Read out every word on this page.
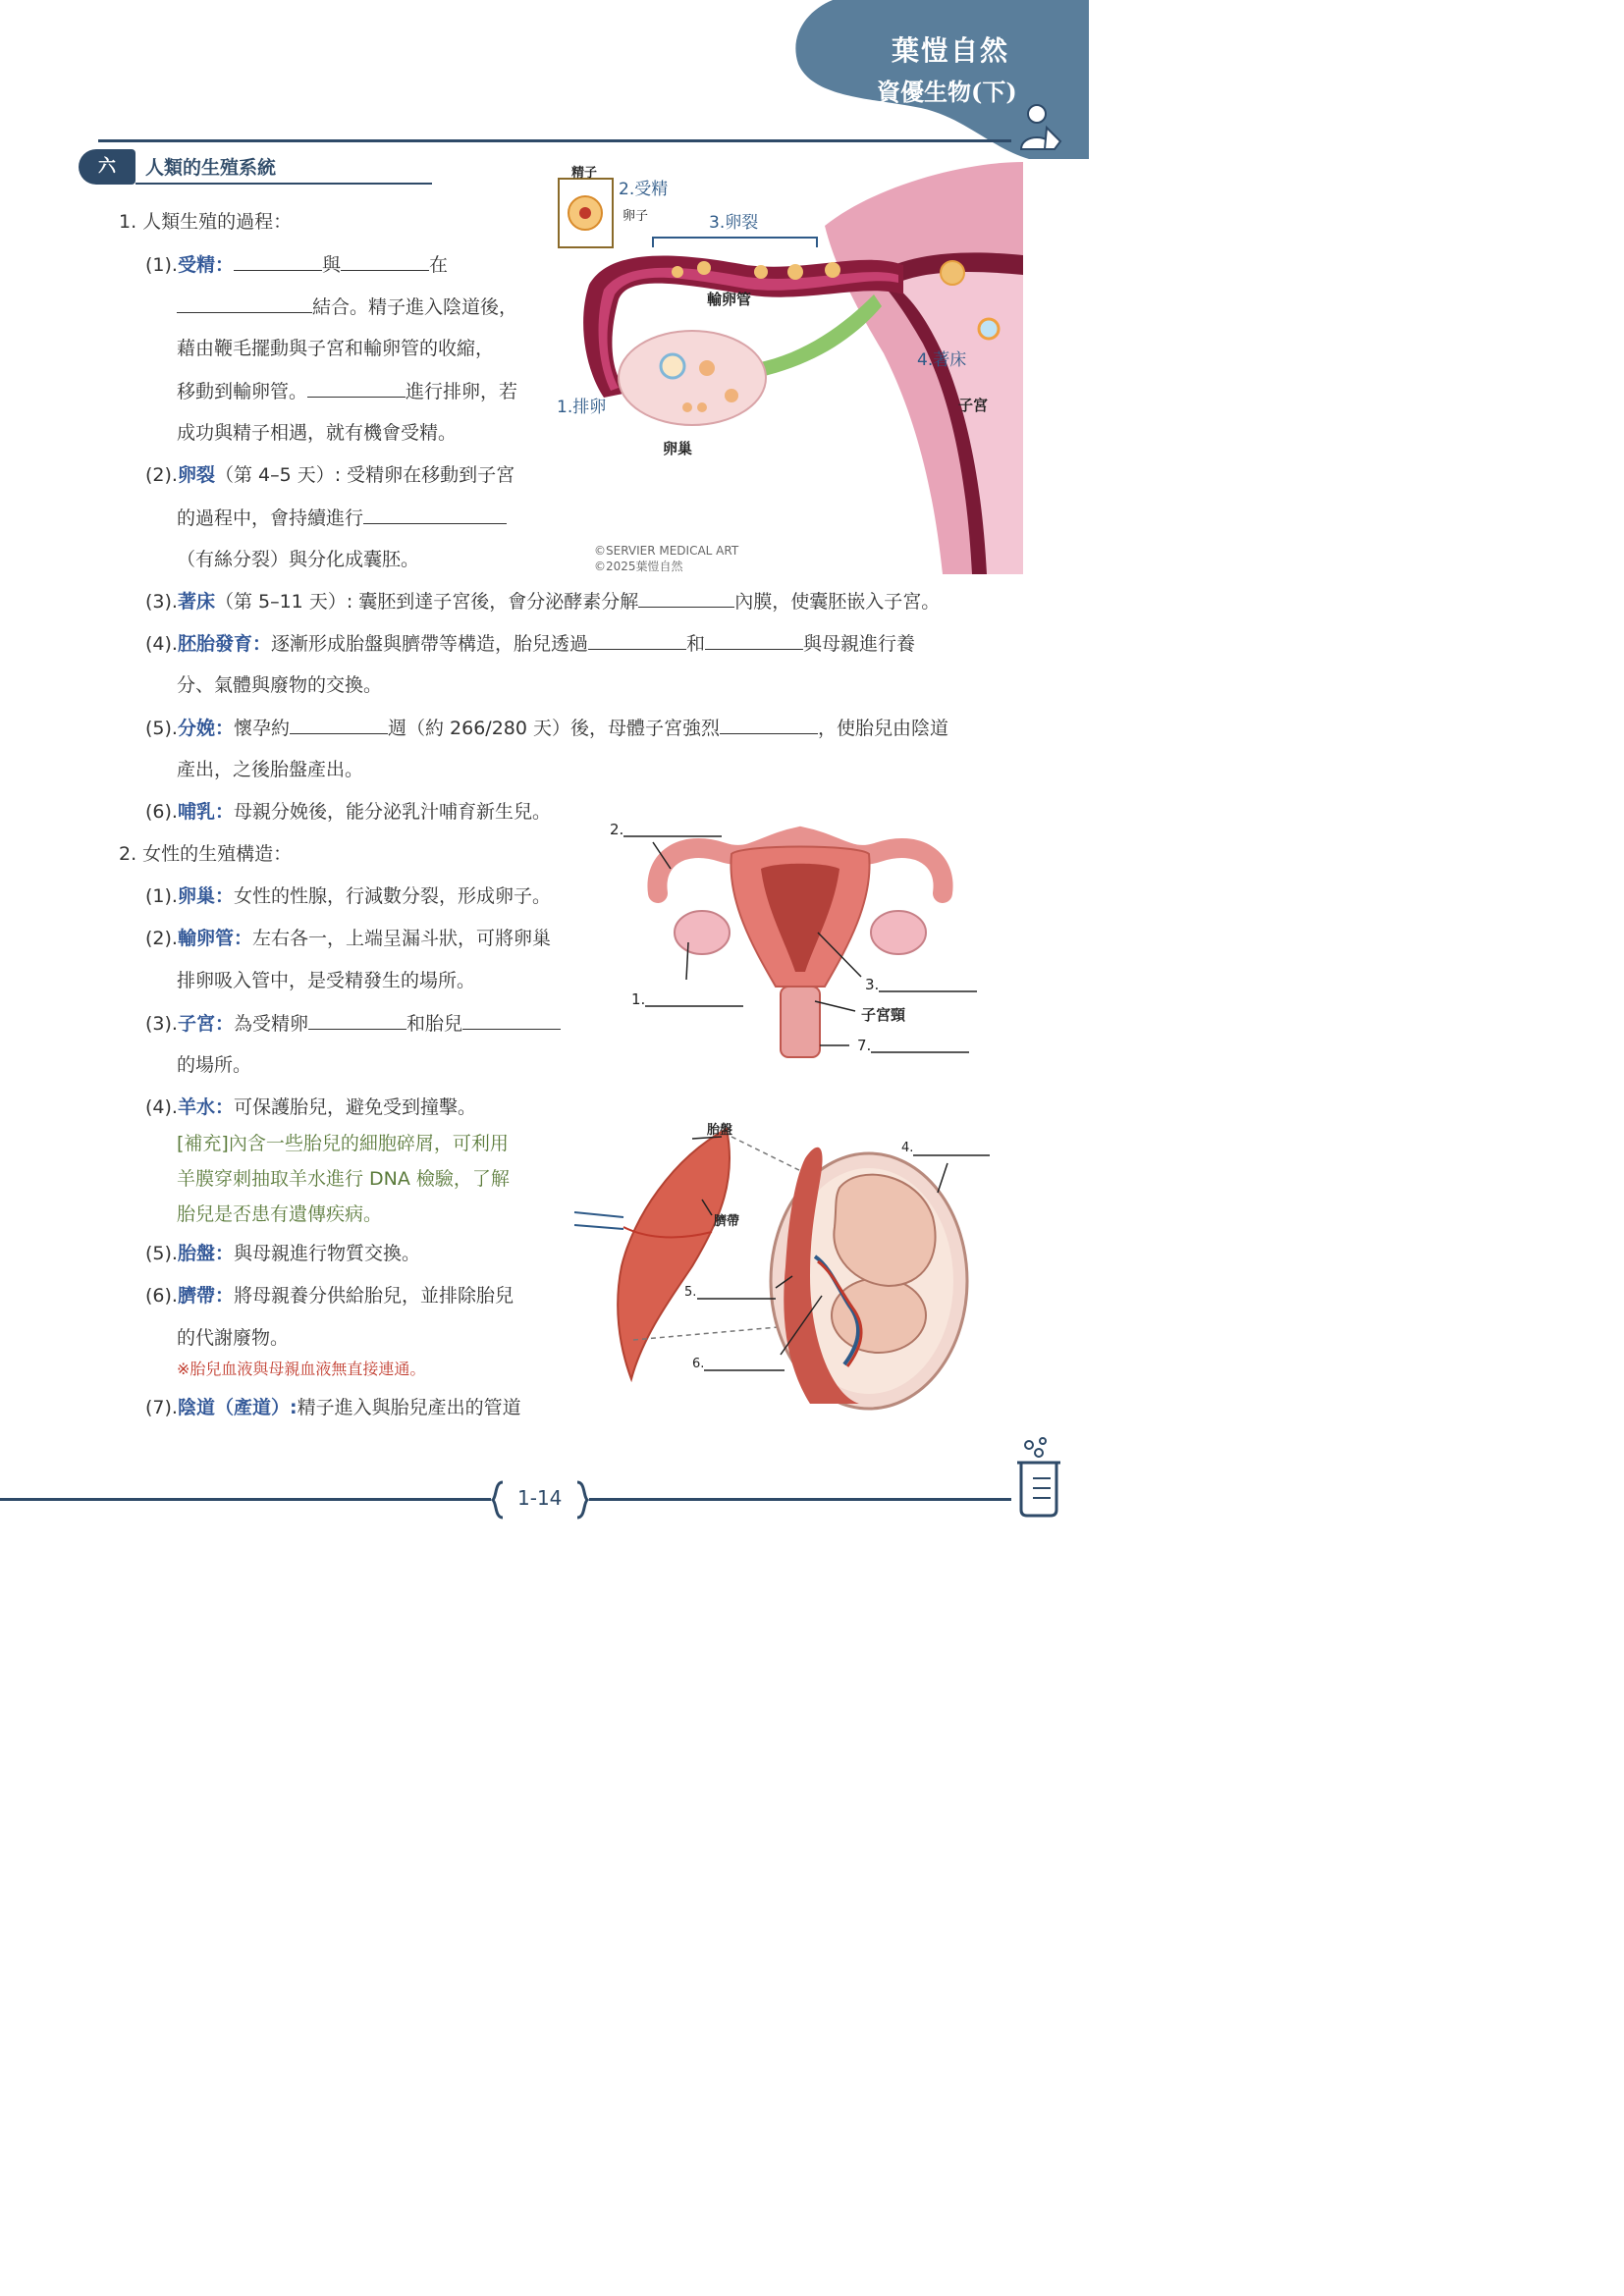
葉愷自然
資優生物(下)
六	人類的生殖系統
1. 人類生殖的過程：
(1).受精：	與	在
結合。精子進入陰道後，
藉由鞭毛擺動與子宮和輸卵管的收縮，
移動到輸卵管。	進行排卵，若
成功與精子相遇，就有機會受精。
(2).卵裂（第 4–5 天）: 受精卵在移動到子宮
的過程中，會持續進行
（有絲分裂）與分化成囊胚。
(3).著床（第 5–11 天）: 囊胚到達子宮後，會分泌酵素分解	內膜，使囊胚嵌入子宮。
(4).胚胎發育：逐漸形成胎盤與臍帶等構造，胎兒透過	和	與母親進行養
分、氣體與廢物的交換。
(5).分娩：懷孕約	週（約 266/280 天）後，母體子宮強烈	，使胎兒由陰道
產出，之後胎盤產出。
(6).哺乳：母親分娩後，能分泌乳汁哺育新生兒。
2. 女性的生殖構造：
(1).卵巢：女性的性腺，行減數分裂，形成卵子。
(2).輸卵管：左右各一，上端呈漏斗狀，可將卵巢
排卵吸入管中，是受精發生的場所。
(3).子宮：為受精卵	和胎兒
的場所。
(4).羊水：可保護胎兒，避免受到撞擊。
[補充]內含一些胎兒的細胞碎屑，可利用
羊膜穿刺抽取羊水進行 DNA 檢驗，了解
胎兒是否患有遺傳疾病。
(5).胎盤：與母親進行物質交換。
(6).臍帶：將母親養分供給胎兒，並排除胎兒
的代謝廢物。
※胎兒血液與母親血液無直接連通。
(7).陰道（產道）:精子進入與胎兒產出的管道
精子
2.受精
卵子	3.卵裂
輸卵管
4.著床
1.排卵	子宮
卵巢
©SERVIER MEDICAL ART
©2025葉愷自然
2.
1.
3.
子宮頸
7.
胎盤
臍帶
4.
5.
6.
1-14
